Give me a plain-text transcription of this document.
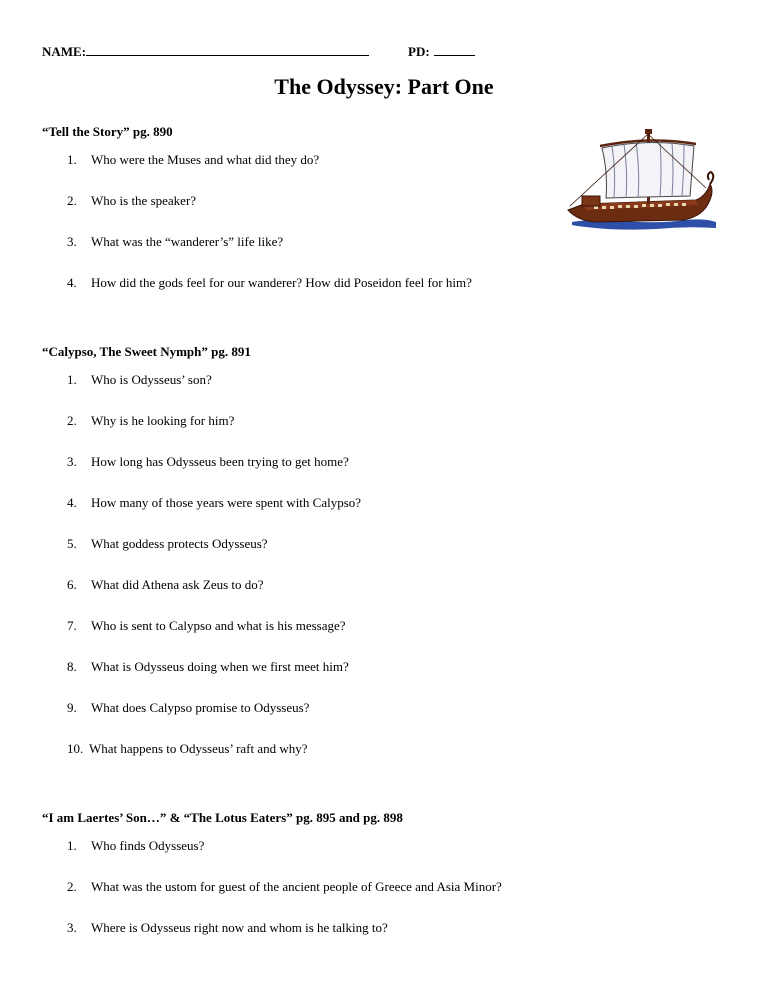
NAME:	PD:
The Odyssey: Part One
“Tell the Story” pg. 890
1. Who were the Muses and what did they do?
2. Who is the speaker?
3. What was the “wanderer’s” life like?
4. How did the gods feel for our wanderer? How did Poseidon feel for him?
“Calypso, The Sweet Nymph” pg. 891
1. Who is Odysseus’ son?
2. Why is he looking for him?
3. How long has Odysseus been trying to get home?
4. How many of those years were spent with Calypso?
5. What goddess protects Odysseus?
6. What did Athena ask Zeus to do?
7. Who is sent to Calypso and what is his message?
8. What is Odysseus doing when we first meet him?
9. What does Calypso promise to Odysseus?
10. What happens to Odysseus’ raft and why?
“I am Laertes’ Son…” & “The Lotus Eaters” pg. 895 and pg. 898
1. Who finds Odysseus?
2. What was the ustom for guest of the ancient people of Greece and Asia Minor?
3. Where is Odysseus right now and whom is he talking to?
